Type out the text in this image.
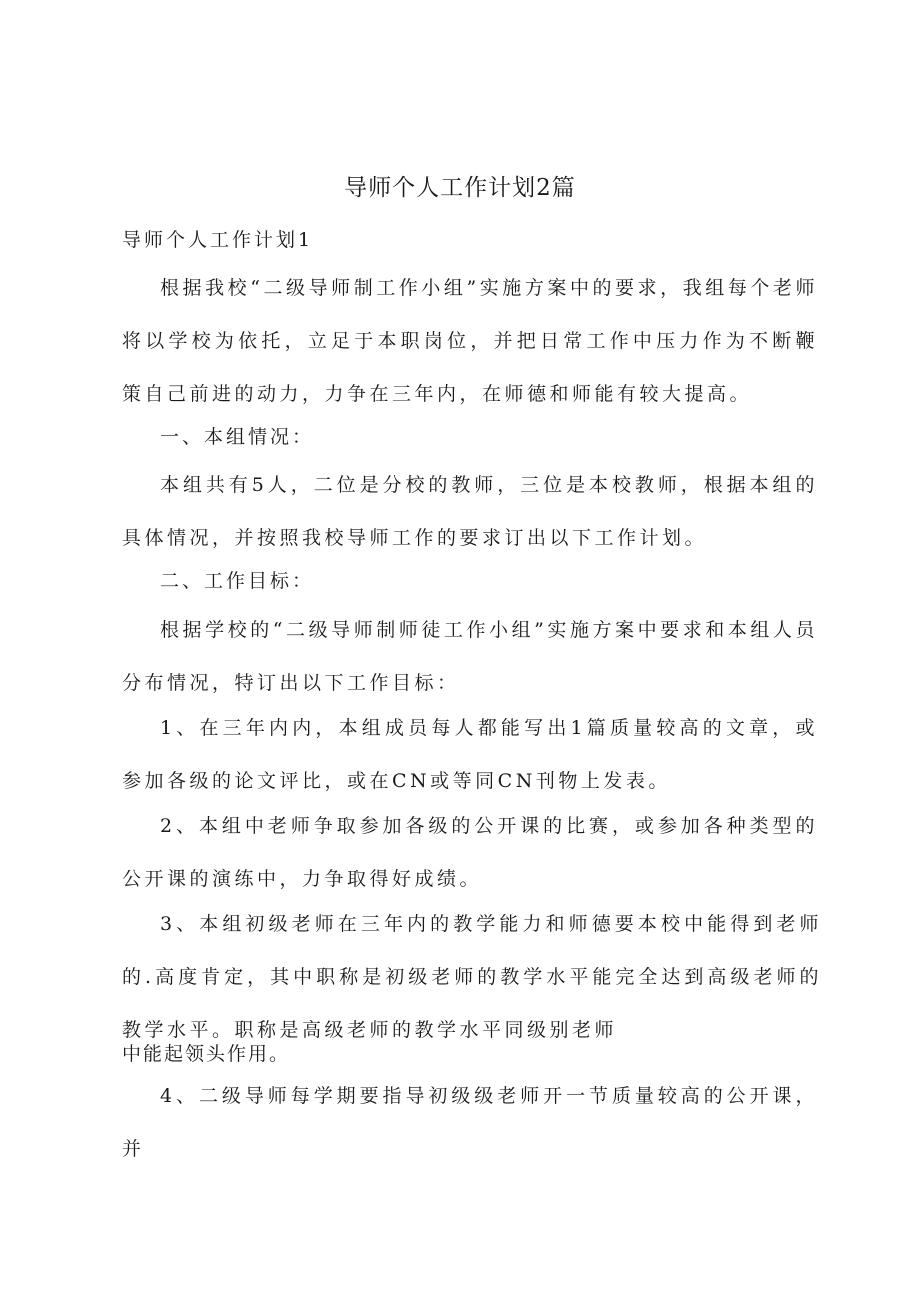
导师个人工作计划2篇
导师个人工作计划1

根据我校“二级导师制工作小组”实施方案中的要求，我组每个老师将以学校为依托，立足于本职岗位，并把日常工作中压力作为不断鞭策自己前进的动力，力争在三年内，在师德和师能有较大提高。

一、本组情况：

本组共有5人，二位是分校的教师，三位是本校教师，根据本组的具体情况，并按照我校导师工作的要求订出以下工作计划。

二、工作目标：

根据学校的“二级导师制师徒工作小组”实施方案中要求和本组人员分布情况，特订出以下工作目标：

1、在三年内内，本组成员每人都能写出1篇质量较高的文章，或参加各级的论文评比，或在CN或等同CN刊物上发表。

2、本组中老师争取参加各级的公开课的比赛，或参加各种类型的公开课的演练中，力争取得好成绩。

3、本组初级老师在三年内的教学能力和师德要本校中能得到老师的.高度肯定，其中职称是初级老师的教学水平能完全达到高级老师的教学水平。职称是高级老师的教学水平同级别老师

中能起领头作用。

4、二级导师每学期要指导初级级老师开一节质量较高的公开课，并
